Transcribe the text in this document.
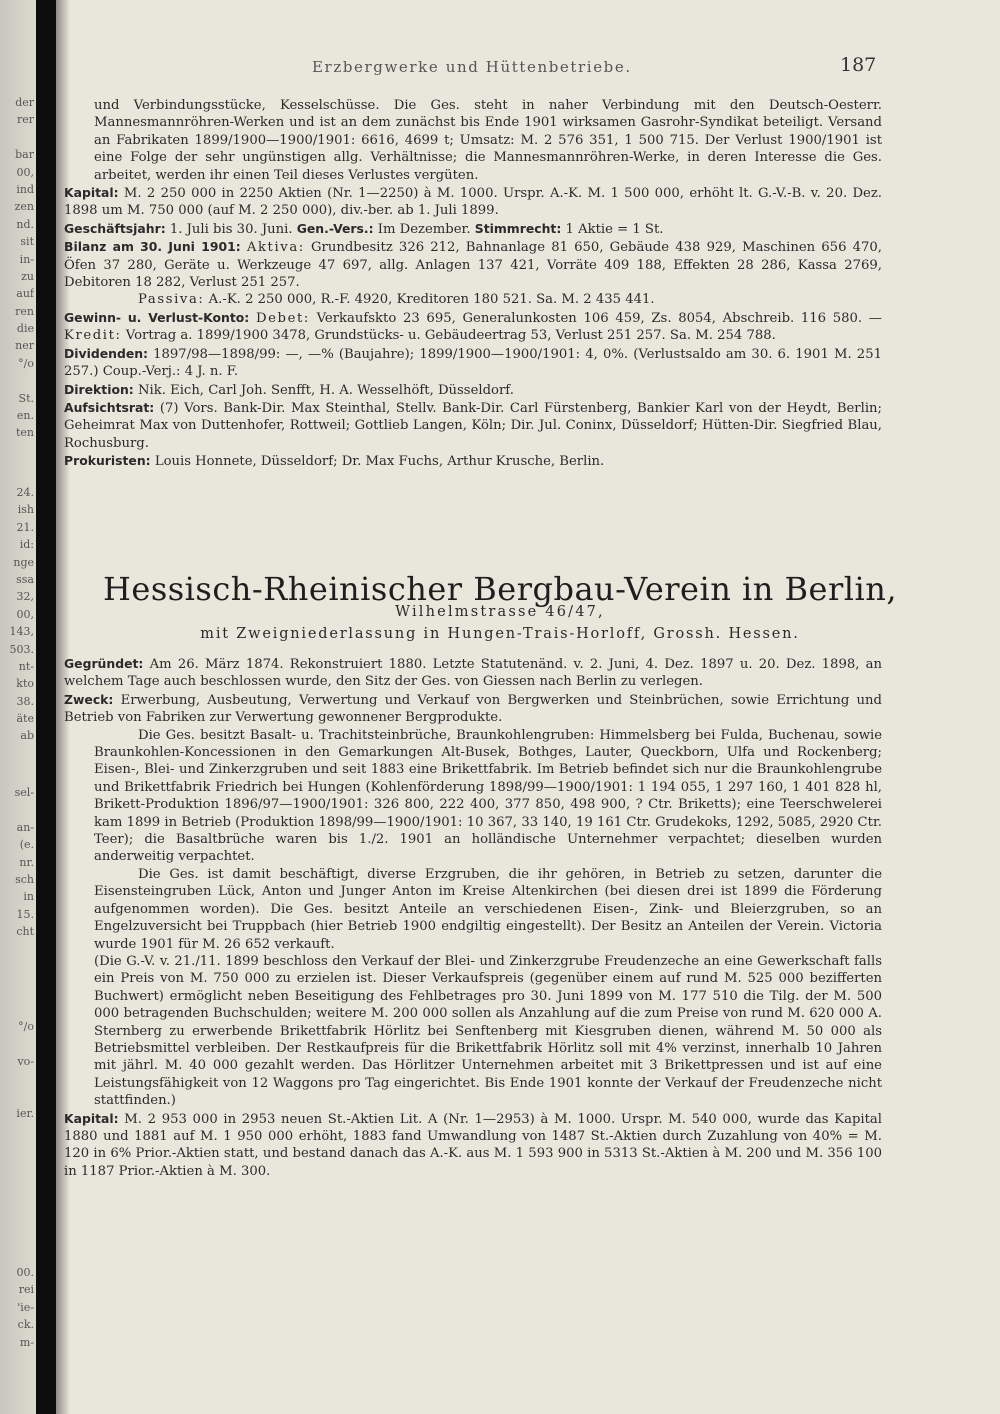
der
rer
bar
00,
ind
zen
nd.
sit
in-
zu
auf
ren
die
ner
°/o
St.
en.
ten
24.
ish
21.
id:
nge
ssa
32,
00,
143,
503.
nt-
kto
38.
äte
ab
sel-
an-
(e.
nr.
sch
in
15.
cht
°/o
vo-
ier.
00.
rei
'ie-
ck.
m-
Erzbergwerke und Hüttenbetriebe.	187

und Verbindungsstücke, Kesselschüsse. Die Ges. steht in naher Verbindung mit den Deutsch-Oesterr. Mannesmannröhren-Werken und ist an dem zunächst bis Ende 1901 wirksamen Gasrohr-Syndikat beteiligt. Versand an Fabrikaten 1899/1900—1900/1901: 6616, 4699 t; Umsatz: M. 2 576 351, 1 500 715. Der Verlust 1900/1901 ist eine Folge der sehr ungünstigen allg. Verhältnisse; die Mannesmannröhren-Werke, in deren Interesse die Ges. arbeitet, werden ihr einen Teil dieses Verlustes vergüten.

Kapital: M. 2 250 000 in 2250 Aktien (Nr. 1—2250) à M. 1000. Urspr. A.-K. M. 1 500 000, erhöht lt. G.-V.-B. v. 20. Dez. 1898 um M. 750 000 (auf M. 2 250 000), div.-ber. ab 1. Juli 1899.

Geschäftsjahr: 1. Juli bis 30. Juni. Gen.-Vers.: Im Dezember. Stimmrecht: 1 Aktie = 1 St.

Bilanz am 30. Juni 1901: Aktiva: Grundbesitz 326 212, Bahnanlage 81 650, Gebäude 438 929, Maschinen 656 470, Öfen 37 280, Geräte u. Werkzeuge 47 697, allg. Anlagen 137 421, Vorräte 409 188, Effekten 28 286, Kassa 2769, Debitoren 18 282, Verlust 251 257.

Passiva: A.-K. 2 250 000, R.-F. 4920, Kreditoren 180 521. Sa. M. 2 435 441.

Gewinn- u. Verlust-Konto: Debet: Verkaufskto 23 695, Generalunkosten 106 459, Zs. 8054, Abschreib. 116 580. — Kredit: Vortrag a. 1899/1900 3478, Grundstücks- u. Gebäudeertrag 53, Verlust 251 257. Sa. M. 254 788.

Dividenden: 1897/98—1898/99: —, —% (Baujahre); 1899/1900—1900/1901: 4, 0%. (Verlustsaldo am 30. 6. 1901 M. 251 257.) Coup.-Verj.: 4 J. n. F.

Direktion: Nik. Eich, Carl Joh. Senfft, H. A. Wesselhöft, Düsseldorf.

Aufsichtsrat: (7) Vors. Bank-Dir. Max Steinthal, Stellv. Bank-Dir. Carl Fürstenberg, Bankier Karl von der Heydt, Berlin; Geheimrat Max von Duttenhofer, Rottweil; Gottlieb Langen, Köln; Dir. Jul. Coninx, Düsseldorf; Hütten-Dir. Siegfried Blau, Rochusburg.

Prokuristen: Louis Honnete, Düsseldorf; Dr. Max Fuchs, Arthur Krusche, Berlin.

Hessisch-Rheinischer Bergbau-Verein in Berlin,
Wilhelmstrasse 46/47,
mit Zweigniederlassung in Hungen-Trais-Horloff, Grossh. Hessen.

Gegründet: Am 26. März 1874. Rekonstruiert 1880. Letzte Statutenänd. v. 2. Juni, 4. Dez. 1897 u. 20. Dez. 1898, an welchem Tage auch beschlossen wurde, den Sitz der Ges. von Giessen nach Berlin zu verlegen.

Zweck: Erwerbung, Ausbeutung, Verwertung und Verkauf von Bergwerken und Steinbrüchen, sowie Errichtung und Betrieb von Fabriken zur Verwertung gewonnener Bergprodukte.

Die Ges. besitzt Basalt- u. Trachitsteinbrüche, Braunkohlengruben: Himmelsberg bei Fulda, Buchenau, sowie Braunkohlen-Koncessionen in den Gemarkungen Alt-Busek, Bothges, Lauter, Queckborn, Ulfa und Rockenberg; Eisen-, Blei- und Zinkerzgruben und seit 1883 eine Brikettfabrik. Im Betrieb befindet sich nur die Braunkohlengrube und Brikettfabrik Friedrich bei Hungen (Kohlenförderung 1898/99—1900/1901: 1 194 055, 1 297 160, 1 401 828 hl, Brikett-Produktion 1896/97—1900/1901: 326 800, 222 400, 377 850, 498 900, ? Ctr. Briketts); eine Teerschwelerei kam 1899 in Betrieb (Produktion 1898/99—1900/1901: 10 367, 33 140, 19 161 Ctr. Grudekoks, 1292, 5085, 2920 Ctr. Teer); die Basaltbrüche waren bis 1./2. 1901 an holländische Unternehmer verpachtet; dieselben wurden anderweitig verpachtet.

Die Ges. ist damit beschäftigt, diverse Erzgruben, die ihr gehören, in Betrieb zu setzen, darunter die Eisensteingruben Lück, Anton und Junger Anton im Kreise Altenkirchen (bei diesen drei ist 1899 die Förderung aufgenommen worden). Die Ges. besitzt Anteile an verschiedenen Eisen-, Zink- und Bleierzgruben, so an Engelzuversicht bei Truppbach (hier Betrieb 1900 endgiltig eingestellt). Der Besitz an Anteilen der Verein. Victoria wurde 1901 für M. 26 652 verkauft.

(Die G.-V. v. 21./11. 1899 beschloss den Verkauf der Blei- und Zinkerzgrube Freudenzeche an eine Gewerkschaft falls ein Preis von M. 750 000 zu erzielen ist. Dieser Verkaufspreis (gegenüber einem auf rund M. 525 000 bezifferten Buchwert) ermöglicht neben Beseitigung des Fehlbetrages pro 30. Juni 1899 von M. 177 510 die Tilg. der M. 500 000 betragenden Buchschulden; weitere M. 200 000 sollen als Anzahlung auf die zum Preise von rund M. 620 000 A. Sternberg zu erwerbende Brikettfabrik Hörlitz bei Senftenberg mit Kiesgruben dienen, während M. 50 000 als Betriebsmittel verbleiben. Der Restkaufpreis für die Brikettfabrik Hörlitz soll mit 4% verzinst, innerhalb 10 Jahren mit jährl. M. 40 000 gezahlt werden. Das Hörlitzer Unternehmen arbeitet mit 3 Brikettpressen und ist auf eine Leistungsfähigkeit von 12 Waggons pro Tag eingerichtet. Bis Ende 1901 konnte der Verkauf der Freudenzeche nicht stattfinden.)

Kapital: M. 2 953 000 in 2953 neuen St.-Aktien Lit. A (Nr. 1—2953) à M. 1000. Urspr. M. 540 000, wurde das Kapital 1880 und 1881 auf M. 1 950 000 erhöht, 1883 fand Umwandlung von 1487 St.-Aktien durch Zuzahlung von 40% = M. 120 in 6% Prior.-Aktien statt, und bestand danach das A.-K. aus M. 1 593 900 in 5313 St.-Aktien à M. 200 und M. 356 100 in 1187 Prior.-Aktien à M. 300.
